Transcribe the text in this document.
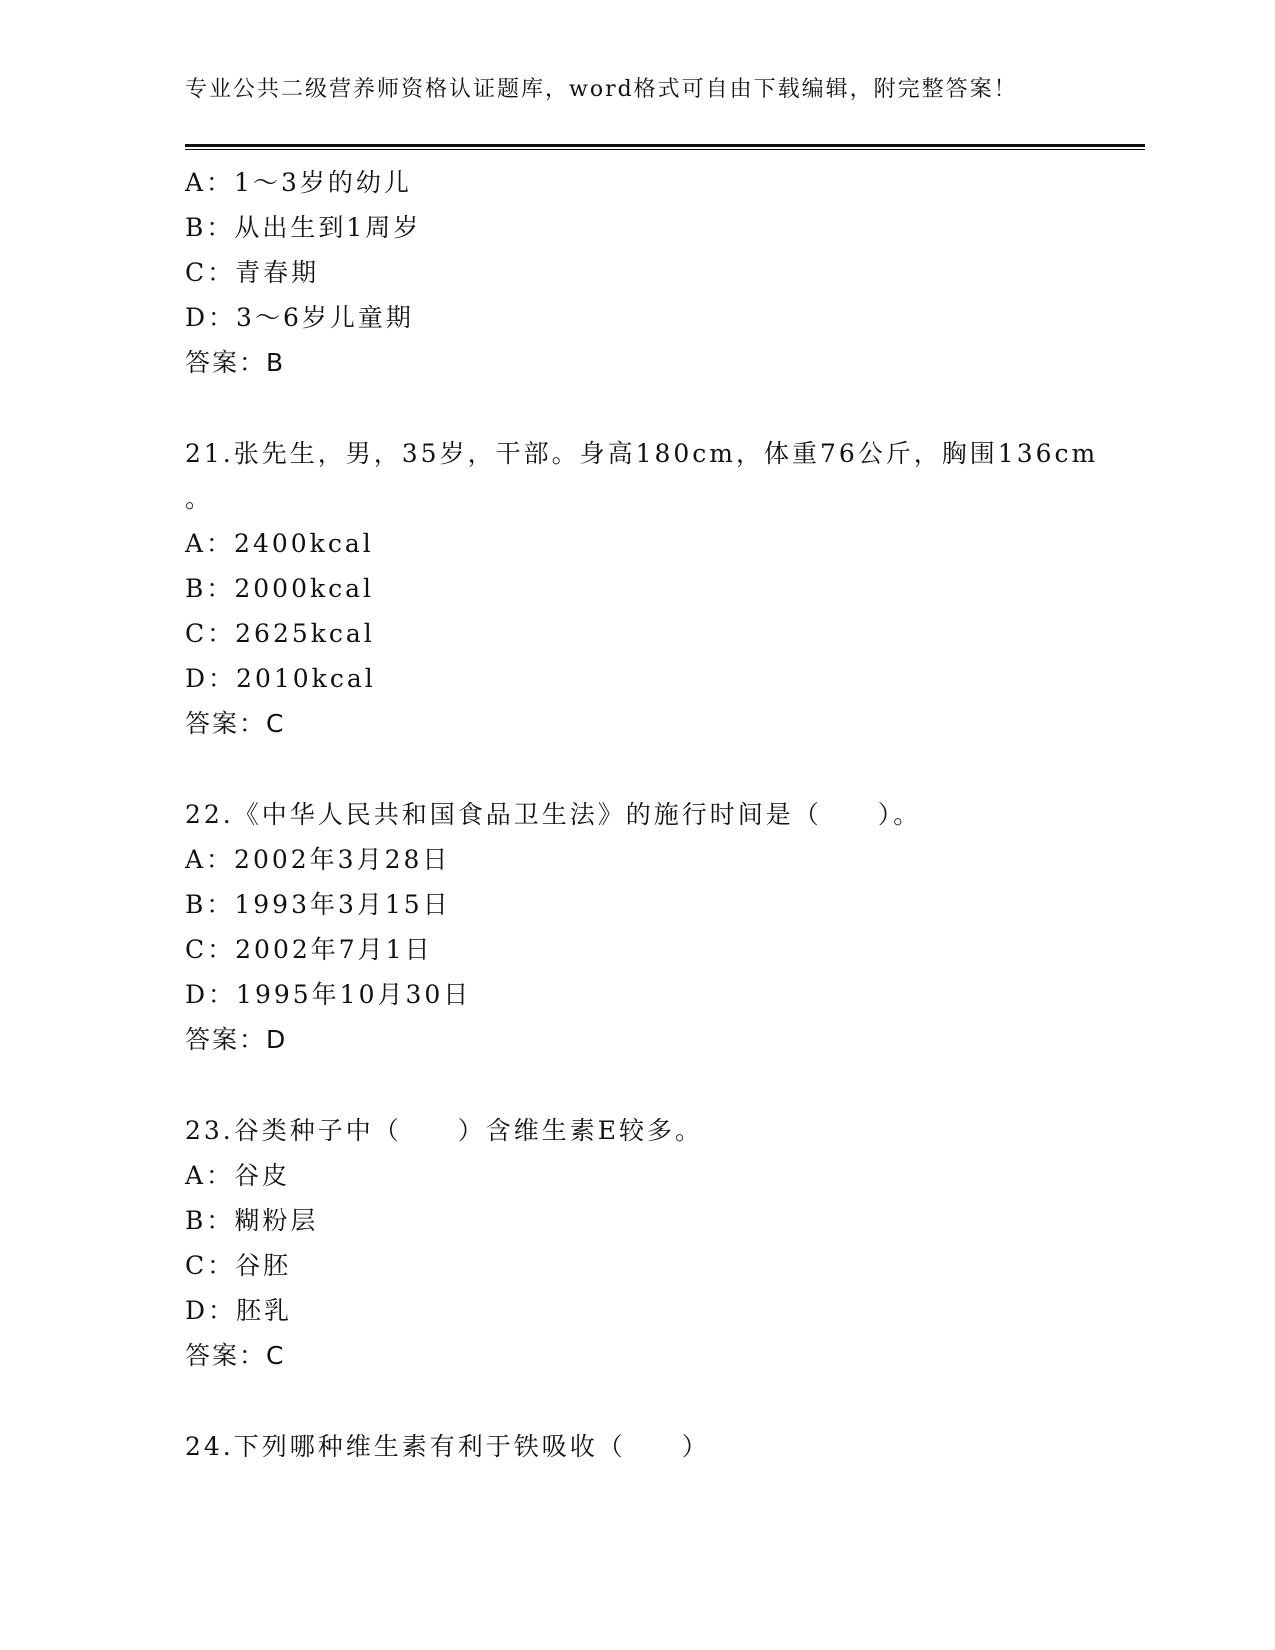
专业公共二级营养师资格认证题库，word格式可自由下载编辑，附完整答案！
A：1～3岁的幼儿
B：从出生到1周岁
C：青春期
D：3～6岁儿童期
答案：B
21.张先生，男，35岁，干部。身高180cm，体重76公斤，胸围136cm
。
A：2400kcal
B：2000kcal
C：2625kcal
D：2010kcal
答案：C
22.《中华人民共和国食品卫生法》的施行时间是（　　）。
A：2002年3月28日
B：1993年3月15日
C：2002年7月1日
D：1995年10月30日
答案：D
23.谷类种子中（　　）含维生素E较多。
A：谷皮
B：糊粉层
C：谷胚
D：胚乳
答案：C
24.下列哪种维生素有利于铁吸收（　　）
